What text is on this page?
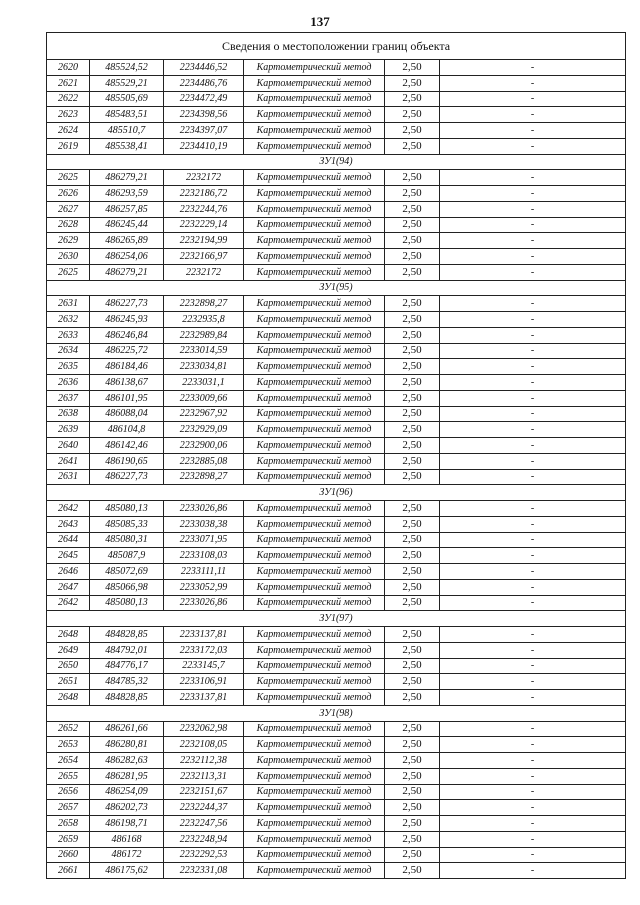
137
Сведения о местоположении границ объекта					
2620	485524,52	2234446,52	Картометрический метод	2,50	-
2621	485529,21	2234486,76	Картометрический метод	2,50	-
2622	485505,69	2234472,49	Картометрический метод	2,50	-
2623	485483,51	2234398,56	Картометрический метод	2,50	-
2624	485510,7	2234397,07	Картометрический метод	2,50	-
2619	485538,41	2234410,19	Картометрический метод	2,50	-
ЗУ1(94)					
2625	486279,21	2232172	Картометрический метод	2,50	-
2626	486293,59	2232186,72	Картометрический метод	2,50	-
2627	486257,85	2232244,76	Картометрический метод	2,50	-
2628	486245,44	2232229,14	Картометрический метод	2,50	-
2629	486265,89	2232194,99	Картометрический метод	2,50	-
2630	486254,06	2232166,97	Картометрический метод	2,50	-
2625	486279,21	2232172	Картометрический метод	2,50	-
ЗУ1(95)					
2631	486227,73	2232898,27	Картометрический метод	2,50	-
2632	486245,93	2232935,8	Картометрический метод	2,50	-
2633	486246,84	2232989,84	Картометрический метод	2,50	-
2634	486225,72	2233014,59	Картометрический метод	2,50	-
2635	486184,46	2233034,81	Картометрический метод	2,50	-
2636	486138,67	2233031,1	Картометрический метод	2,50	-
2637	486101,95	2233009,66	Картометрический метод	2,50	-
2638	486088,04	2232967,92	Картометрический метод	2,50	-
2639	486104,8	2232929,09	Картометрический метод	2,50	-
2640	486142,46	2232900,06	Картометрический метод	2,50	-
2641	486190,65	2232885,08	Картометрический метод	2,50	-
2631	486227,73	2232898,27	Картометрический метод	2,50	-
ЗУ1(96)					
2642	485080,13	2233026,86	Картометрический метод	2,50	-
2643	485085,33	2233038,38	Картометрический метод	2,50	-
2644	485080,31	2233071,95	Картометрический метод	2,50	-
2645	485087,9	2233108,03	Картометрический метод	2,50	-
2646	485072,69	2233111,11	Картометрический метод	2,50	-
2647	485066,98	2233052,99	Картометрический метод	2,50	-
2642	485080,13	2233026,86	Картометрический метод	2,50	-
ЗУ1(97)					
2648	484828,85	2233137,81	Картометрический метод	2,50	-
2649	484792,01	2233172,03	Картометрический метод	2,50	-
2650	484776,17	2233145,7	Картометрический метод	2,50	-
2651	484785,32	2233106,91	Картометрический метод	2,50	-
2648	484828,85	2233137,81	Картометрический метод	2,50	-
ЗУ1(98)					
2652	486261,66	2232062,98	Картометрический метод	2,50	-
2653	486280,81	2232108,05	Картометрический метод	2,50	-
2654	486282,63	2232112,38	Картометрический метод	2,50	-
2655	486281,95	2232113,31	Картометрический метод	2,50	-
2656	486254,09	2232151,67	Картометрический метод	2,50	-
2657	486202,73	2232244,37	Картометрический метод	2,50	-
2658	486198,71	2232247,56	Картометрический метод	2,50	-
2659	486168	2232248,94	Картометрический метод	2,50	-
2660	486172	2232292,53	Картометрический метод	2,50	-
2661	486175,62	2232331,08	Картометрический метод	2,50	-
